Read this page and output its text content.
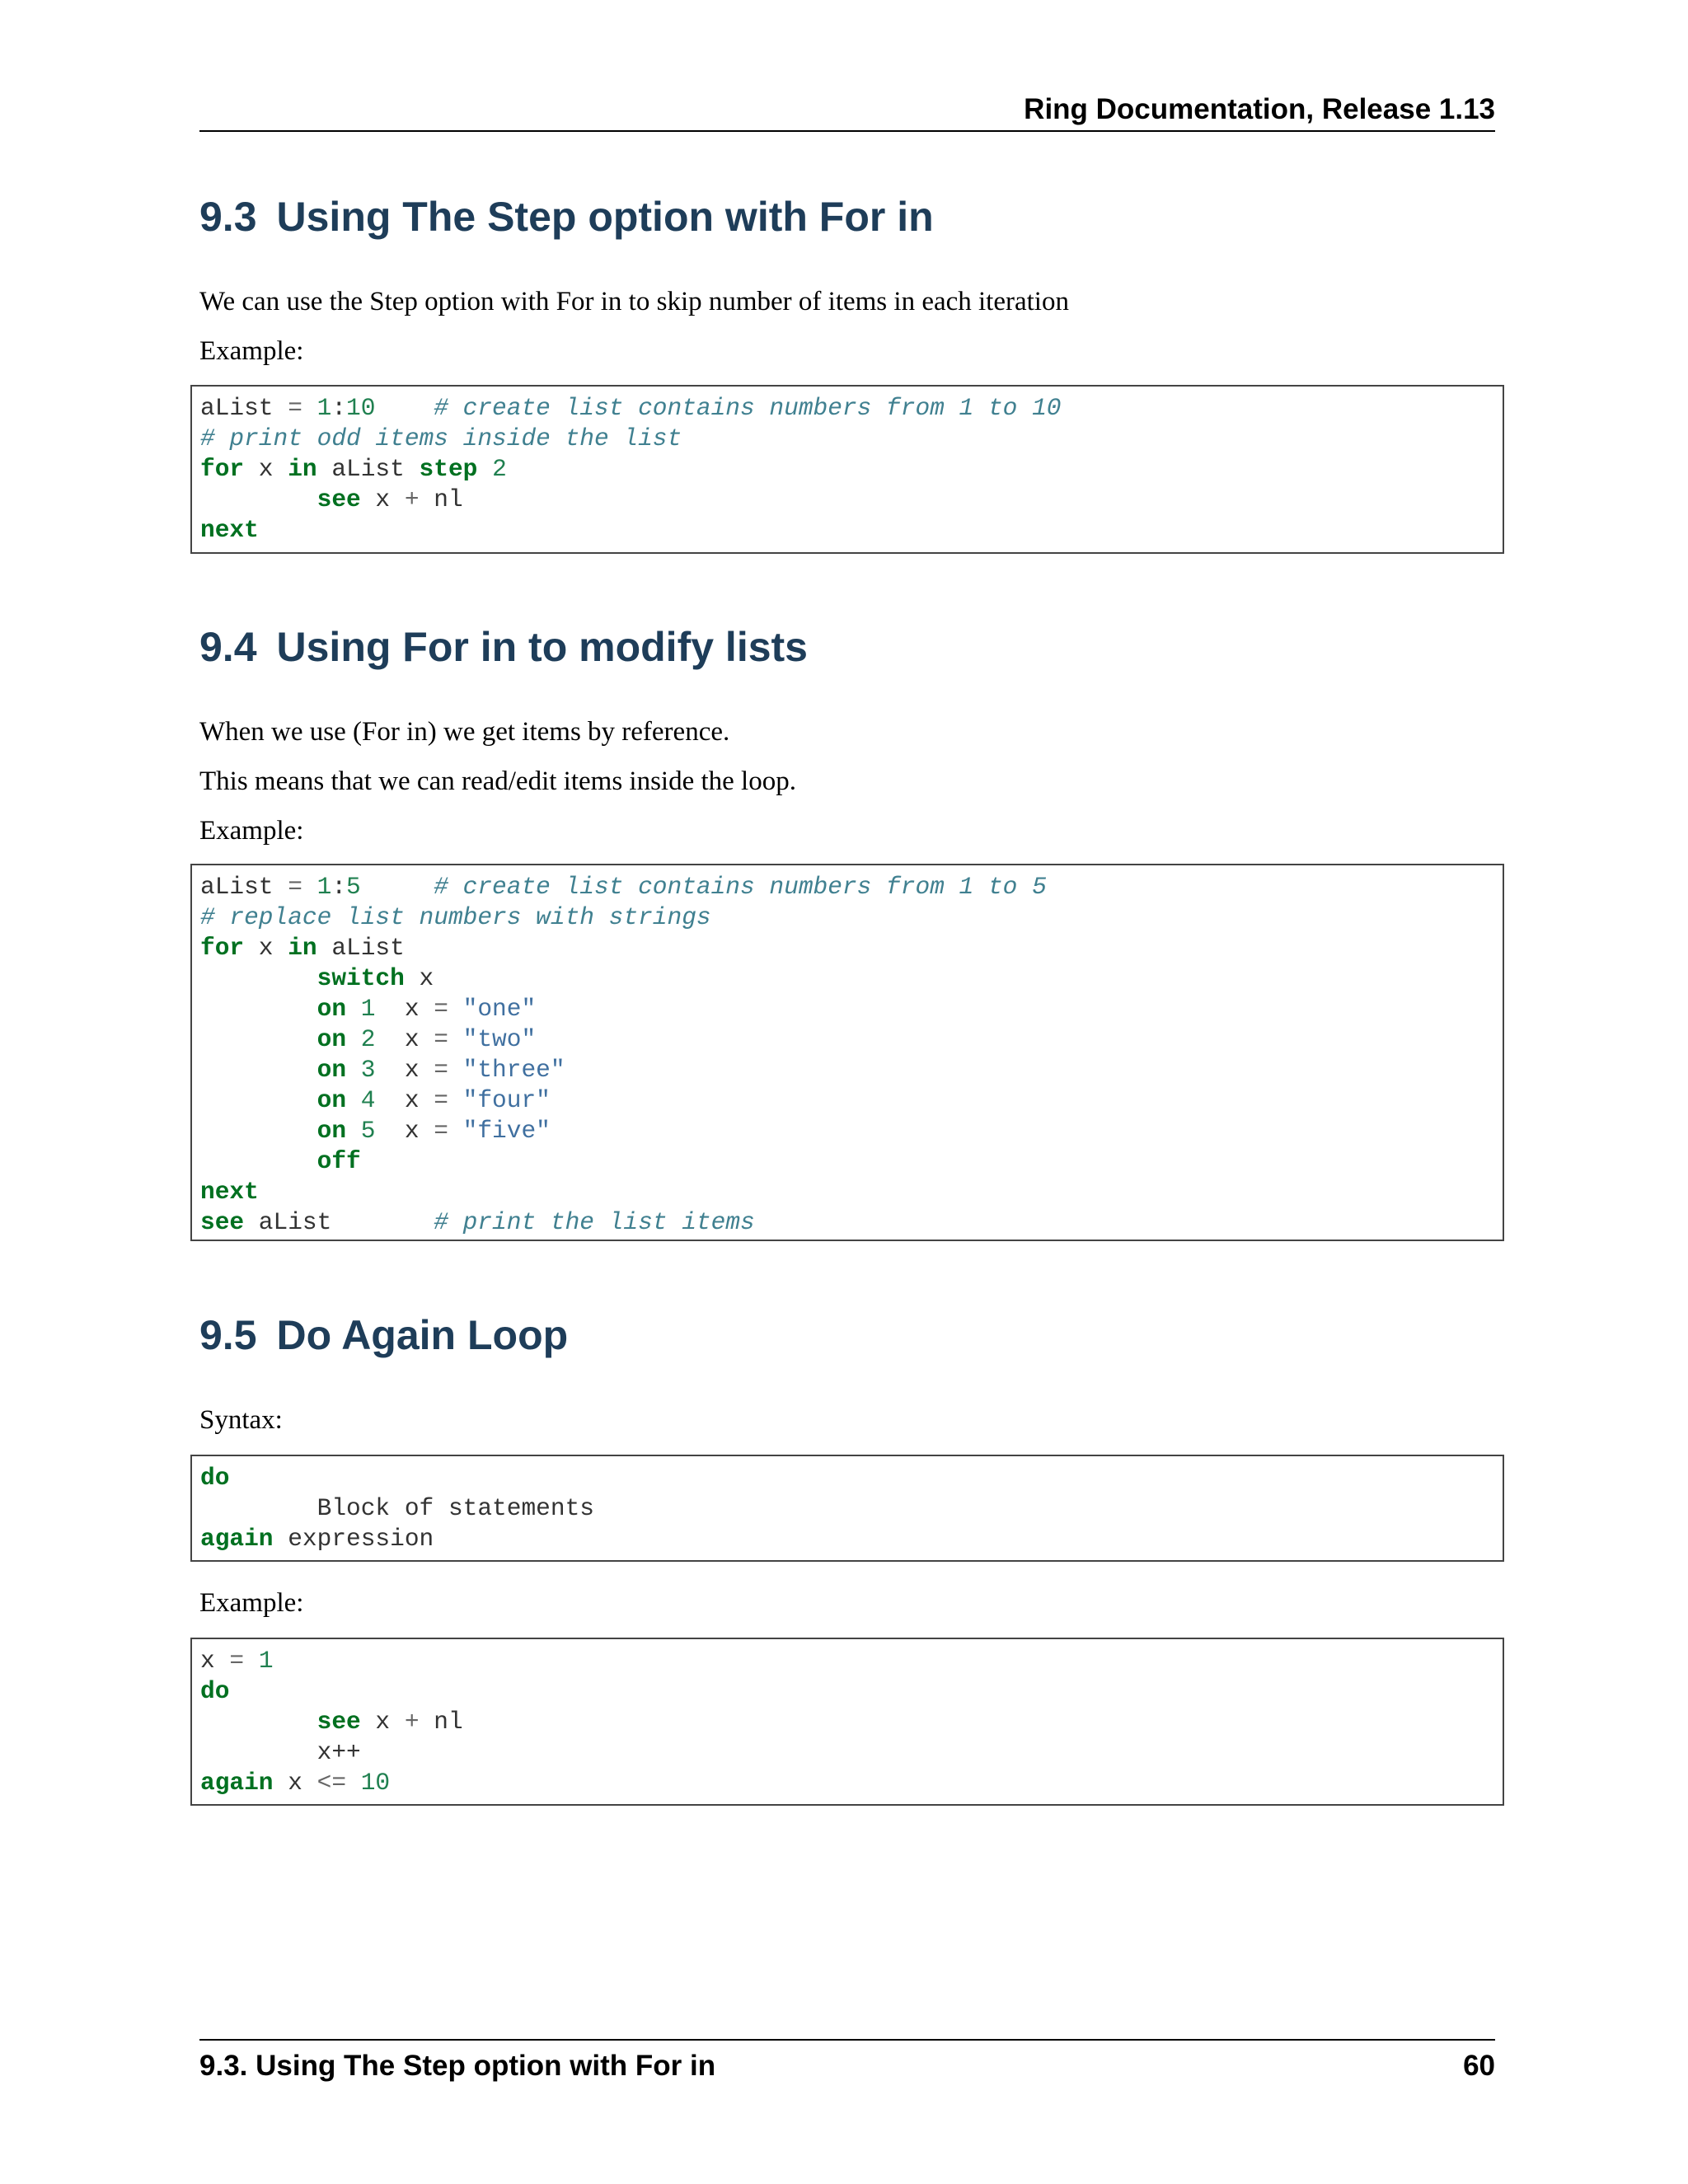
Ring Documentation, Release 1.13
9.3 Using The Step option with For in

We can use the Step option with For in to skip number of items in each iteration

Example:

aList = 1:10 # create list contains numbers from 1 to 10
# print odd items inside the list
for x in aList step 2
see x + nl
next
9.4 Using For in to modify lists

When we use (For in) we get items by reference.

This means that we can read/edit items inside the loop.

Example:

aList = 1:5	# create list contains numbers from 1 to 5
# replace list numbers with strings
for x in aList
switch x
on 1  x = "one"
on 2  x = "two"
on 3  x = "three"
on 4  x = "four"
on 5  x = "five"
off
next
see aList       # print the list items
9.5 Do Again Loop

Syntax:

do
Block of statements
again expression

Example:

x = 1
do
see x + nl
x++
again x <= 10
9.3. Using The Step option with For in	60
